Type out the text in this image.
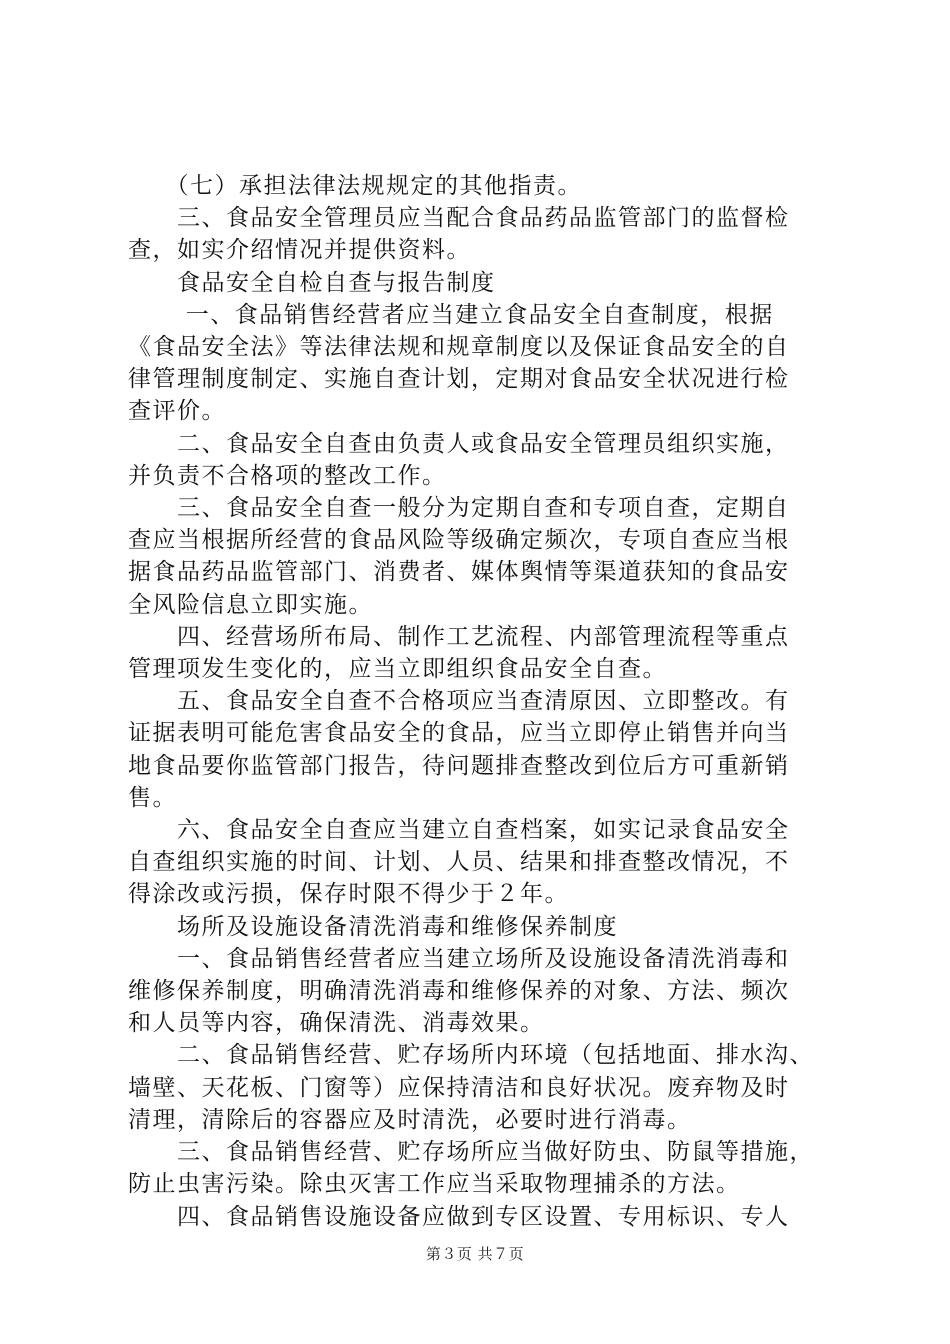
　　（七）承担法律法规规定的其他指责。
　　三、食品安全管理员应当配合食品药品监管部门的监督检
查，如实介绍情况并提供资料。
　　食品安全自检自查与报告制度
　　 一、食品销售经营者应当建立食品安全自查制度，根据
《食品安全法》等法律法规和规章制度以及保证食品安全的自
律管理制度制定、实施自查计划，定期对食品安全状况进行检
查评价。
　　二、食品安全自查由负责人或食品安全管理员组织实施，
并负责不合格项的整改工作。
　　三、食品安全自查一般分为定期自查和专项自查，定期自
查应当根据所经营的食品风险等级确定频次，专项自查应当根
据食品药品监管部门、消费者、媒体舆情等渠道获知的食品安
全风险信息立即实施。
　　四、经营场所布局、制作工艺流程、内部管理流程等重点
管理项发生变化的，应当立即组织食品安全自查。
　　五、食品安全自查不合格项应当查清原因、立即整改。有
证据表明可能危害食品安全的食品，应当立即停止销售并向当
地食品要你监管部门报告，待问题排查整改到位后方可重新销
售。
　　六、食品安全自查应当建立自查档案，如实记录食品安全
自查组织实施的时间、计划、人员、结果和排查整改情况，不
得涂改或污损，保存时限不得少于２年。
　　场所及设施设备清洗消毒和维修保养制度
　　一、食品销售经营者应当建立场所及设施设备清洗消毒和
维修保养制度，明确清洗消毒和维修保养的对象、方法、频次
和人员等内容，确保清洗、消毒效果。
　　二、食品销售经营、贮存场所内环境（包括地面、排水沟、
墙壁、天花板、门窗等）应保持清洁和良好状况。废弃物及时
清理，清除后的容器应及时清洗，必要时进行消毒。
　　三、食品销售经营、贮存场所应当做好防虫、防鼠等措施，
防止虫害污染。除虫灭害工作应当采取物理捕杀的方法。
　　四、食品销售设施设备应做到专区设置、专用标识、专人
第３页 共７页
